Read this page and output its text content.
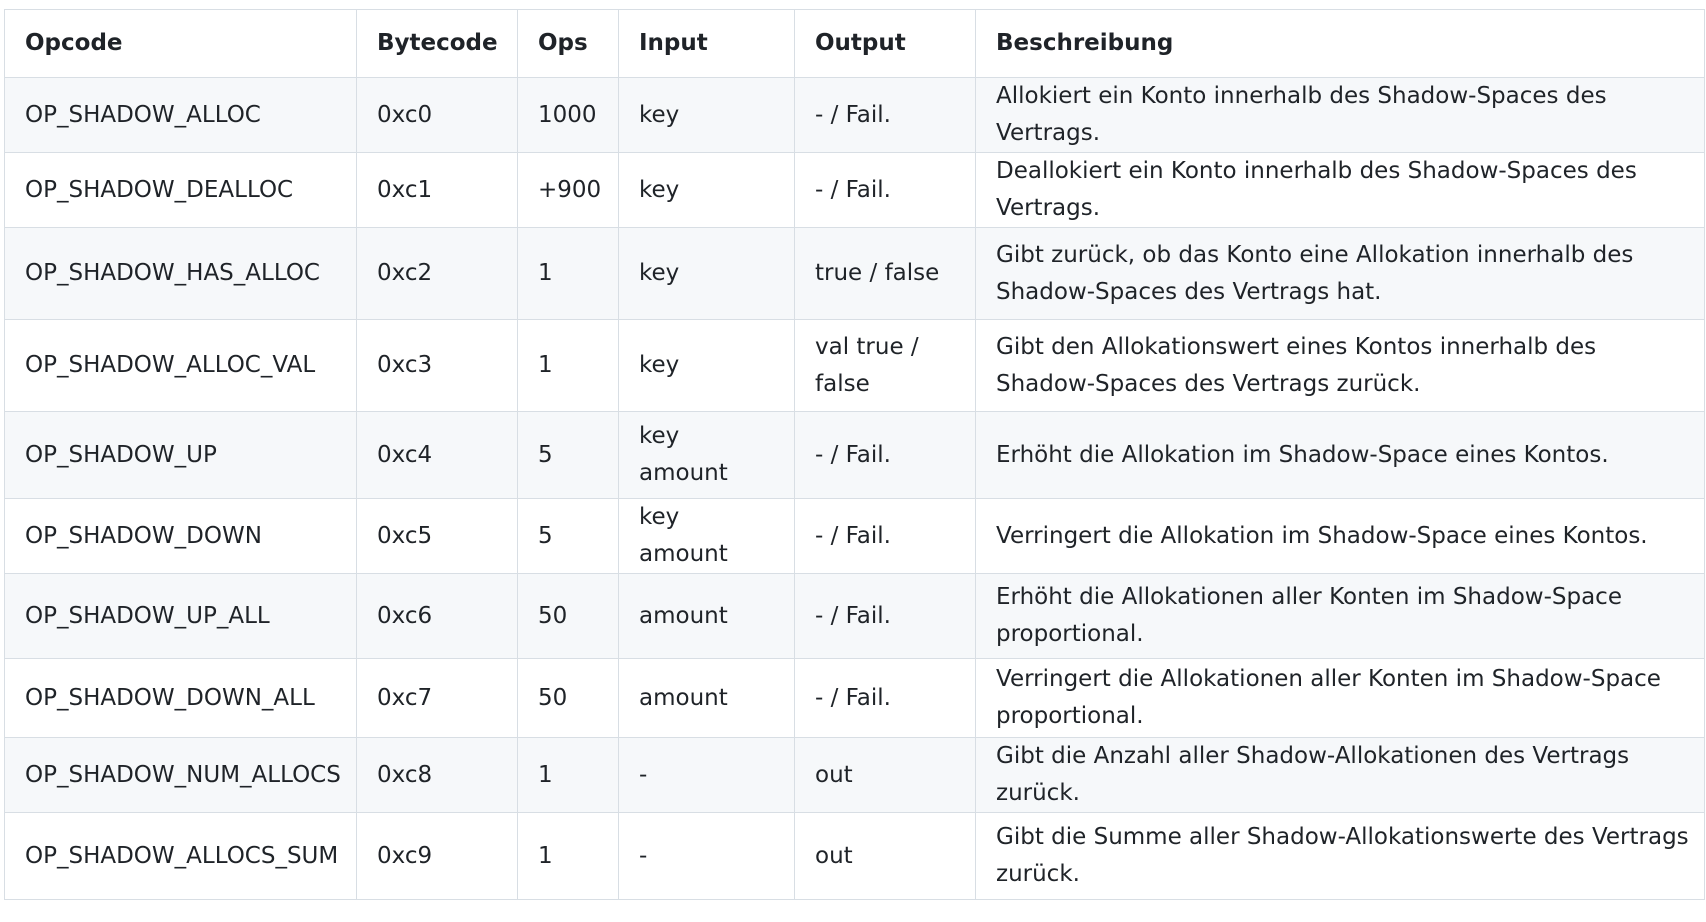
Opcode	Bytecode	Ops	Input	Output	Beschreibung
OP_SHADOW_ALLOC	0xc0	1000	key	- / Fail.	Allokiert ein Konto innerhalb des Shadow-Spaces des Vertrags.
OP_SHADOW_DEALLOC	0xc1	+900	key	- / Fail.	Deallokiert ein Konto innerhalb des Shadow-Spaces des Vertrags.
OP_SHADOW_HAS_ALLOC	0xc2	1	key	true / false	Gibt zurück, ob das Konto eine Allokation innerhalb des Shadow-Spaces des Vertrags hat.
OP_SHADOW_ALLOC_VAL	0xc3	1	key	val true / false	Gibt den Allokationswert eines Kontos innerhalb des Shadow-Spaces des Vertrags zurück.
OP_SHADOW_UP	0xc4	5	key amount	- / Fail.	Erhöht die Allokation im Shadow-Space eines Kontos.
OP_SHADOW_DOWN	0xc5	5	key amount	- / Fail.	Verringert die Allokation im Shadow-Space eines Kontos.
OP_SHADOW_UP_ALL	0xc6	50	amount	- / Fail.	Erhöht die Allokationen aller Konten im Shadow-Space proportional.
OP_SHADOW_DOWN_ALL	0xc7	50	amount	- / Fail.	Verringert die Allokationen aller Konten im Shadow-Space proportional.
OP_SHADOW_NUM_ALLOCS	0xc8	1	-	out	Gibt die Anzahl aller Shadow-Allokationen des Vertrags zurück.
OP_SHADOW_ALLOCS_SUM	0xc9	1	-	out	Gibt die Summe aller Shadow-Allokationswerte des Vertrags zurück.
